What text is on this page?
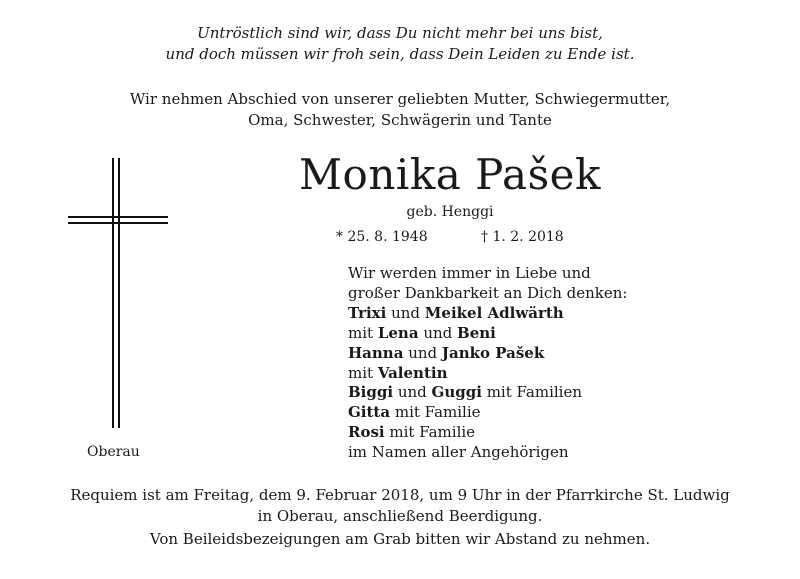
Untröstlich sind wir, dass Du nicht mehr bei uns bist,
und doch müssen wir froh sein, dass Dein Leiden zu Ende ist.
Wir nehmen Abschied von unserer geliebten Mutter, Schwiegermutter,
Oma, Schwester, Schwägerin und Tante
Monika Pašek
geb. Henggi
* 25. 8. 1948	† 1. 2. 2018
Wir werden immer in Liebe und
großer Dankbarkeit an Dich denken:
Trixi und Meikel Adlwärth
mit Lena und Beni
Hanna und Janko Pašek
mit Valentin
Biggi und Guggi mit Familien
Gitta mit Familie
Rosi mit Familie
im Namen aller Angehörigen
Oberau
Requiem ist am Freitag, dem 9. Februar 2018, um 9 Uhr in der Pfarrkirche St. Ludwig
in Oberau, anschließend Beerdigung.
Von Beileidsbezeigungen am Grab bitten wir Abstand zu nehmen.
